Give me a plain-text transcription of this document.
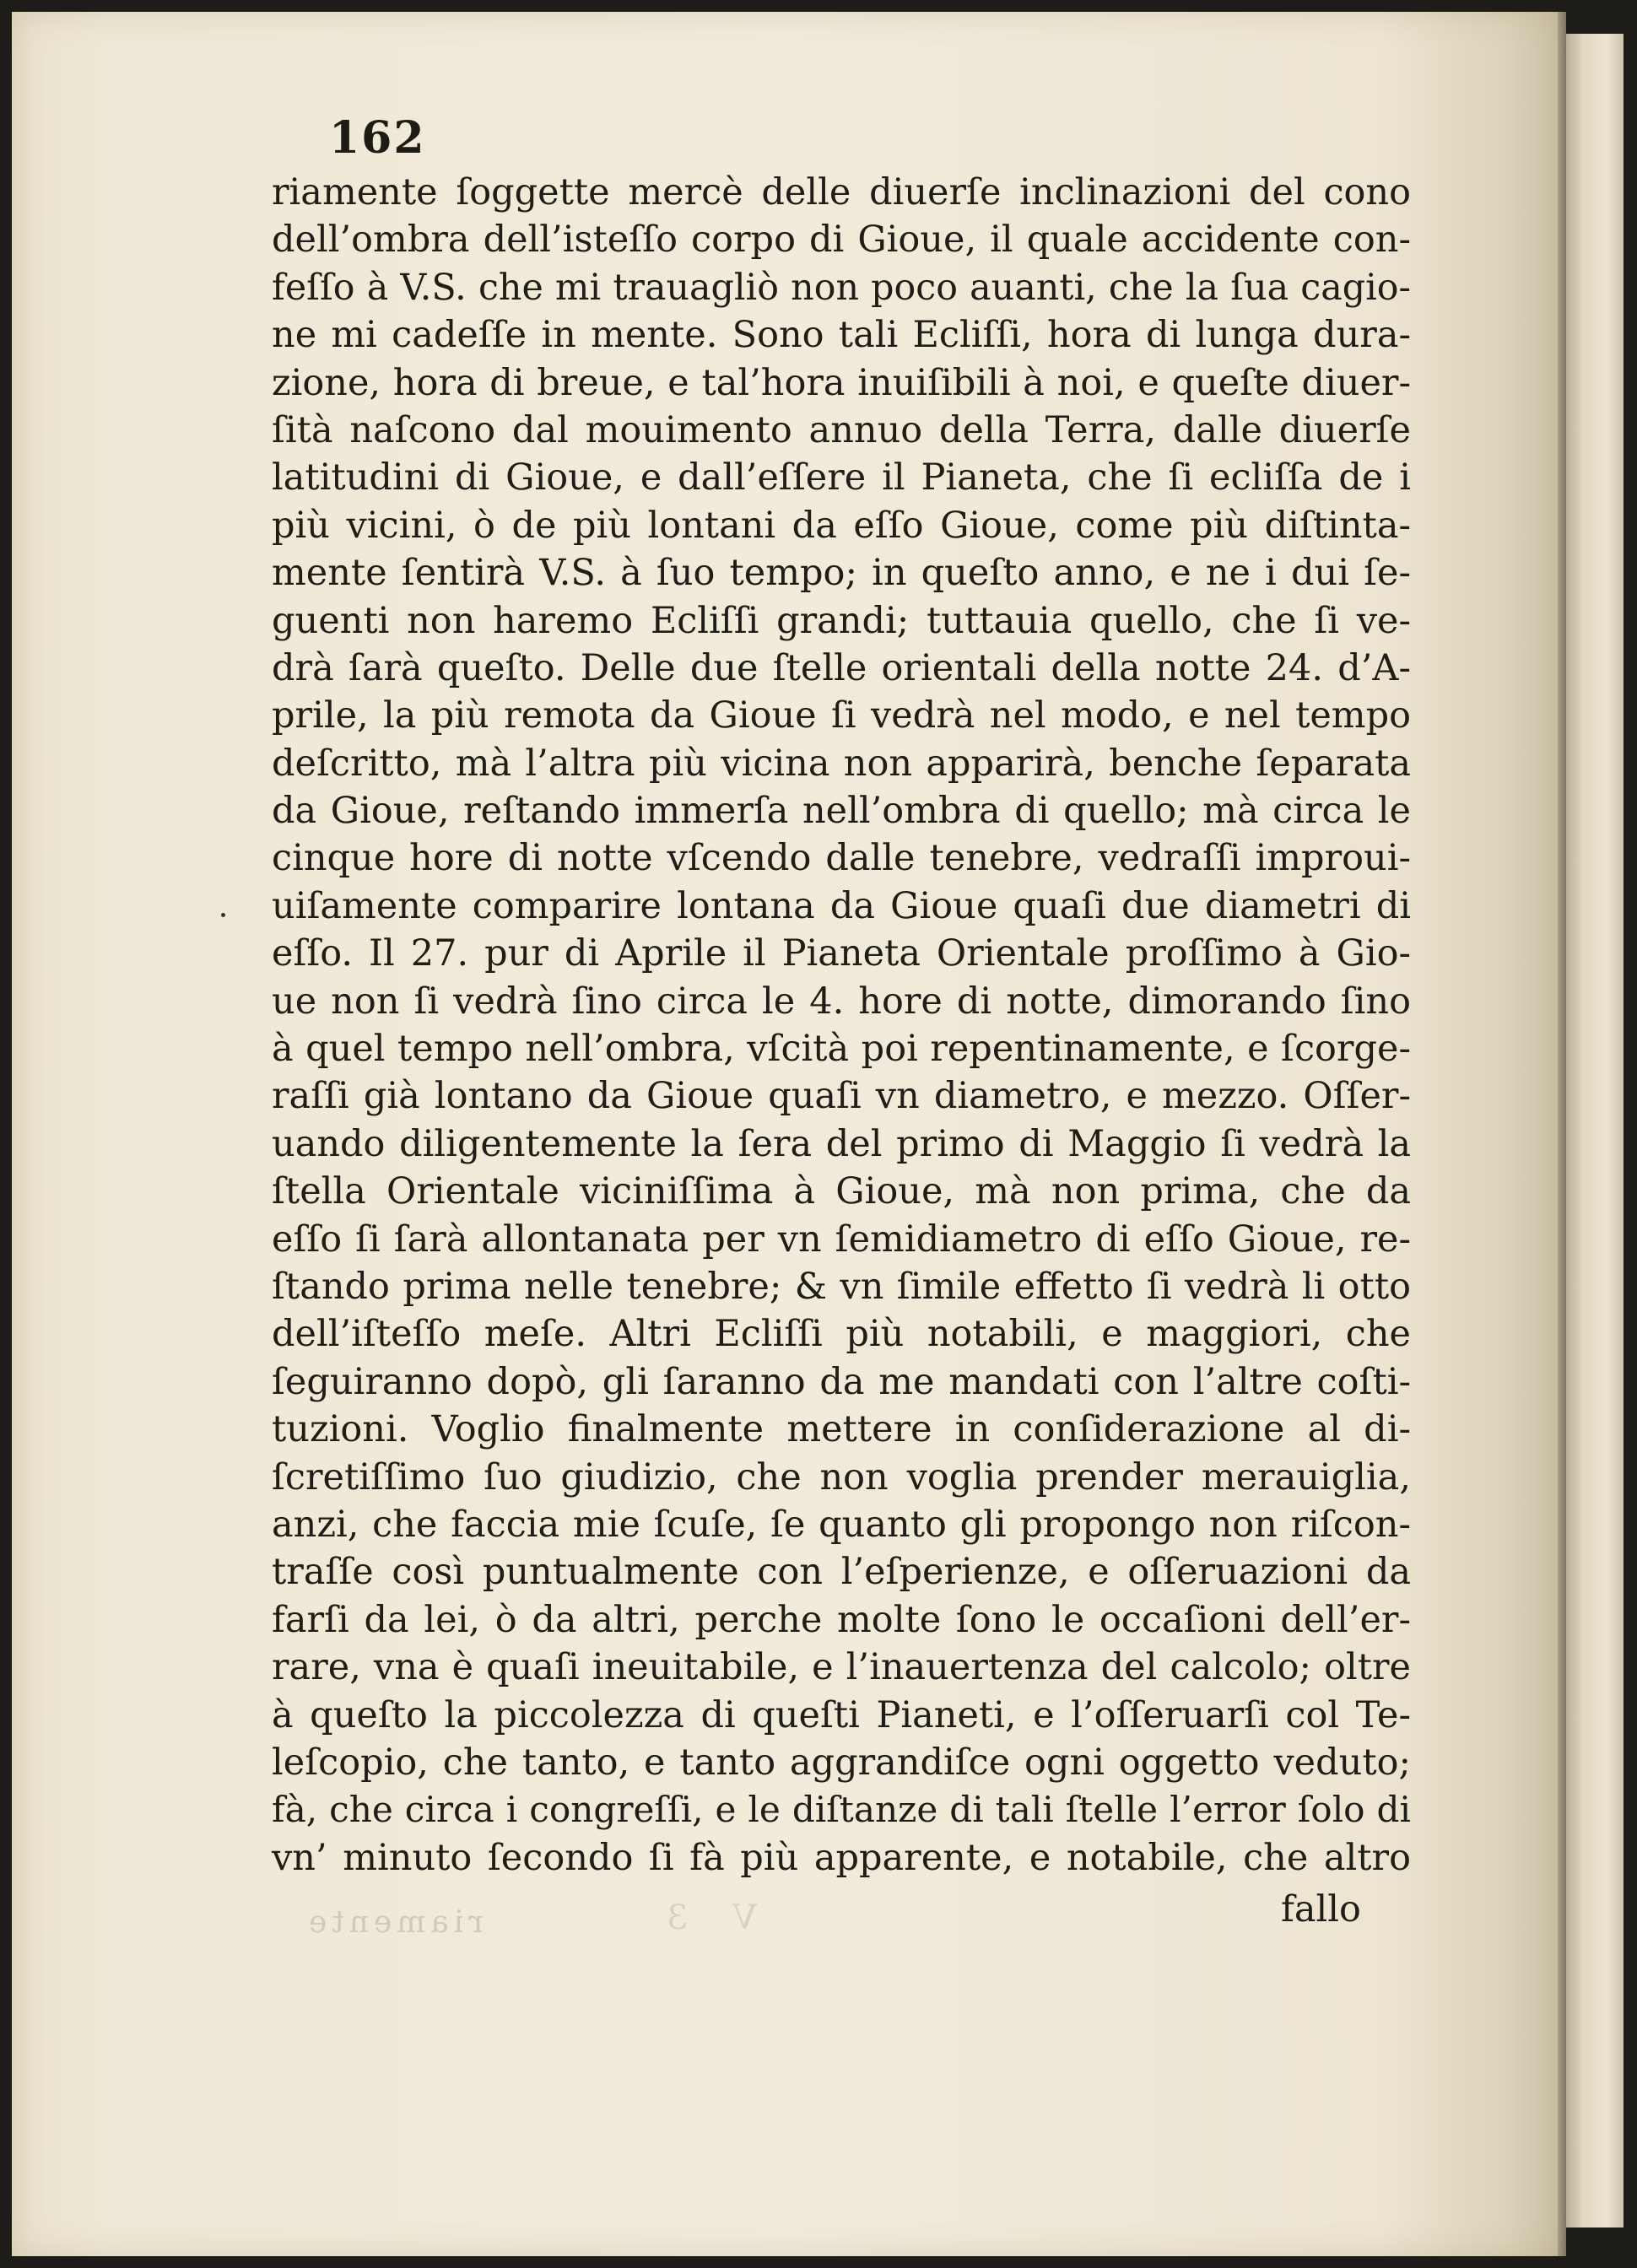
riamente	V 3
162
riamente ſoggette mercè delle diuerſe inclinazioni del cono
dell’ombra dell’isteſſo corpo di Gioue, il quale accidente con-
feſſo à V.S. che mi trauagliò non poco auanti, che la ſua cagio-
ne mi cadeſſe in mente. Sono tali Ecliſſi, hora di lunga dura-
zione, hora di breue, e tal’hora inuiſibili à noi, e queſte diuer-
ſità naſcono dal mouimento annuo della Terra, dalle diuerſe
latitudini di Gioue, e dall’eſſere il Pianeta, che ſi ecliſſa de i
più vicini, ò de più lontani da eſſo Gioue, come più diſtinta-
mente ſentirà V.S. à ſuo tempo; in queſto anno, e ne i dui ſe-
guenti non haremo Ecliſſi grandi; tuttauia quello, che ſi ve-
drà ſarà queſto. Delle due ſtelle orientali della notte 24. d’A-
prile, la più remota da Gioue ſi vedrà nel modo, e nel tempo
deſcritto, mà l’altra più vicina non apparirà, benche ſeparata
da Gioue, reſtando immerſa nell’ombra di quello; mà circa le
cinque hore di notte vſcendo dalle tenebre, vedraſſi improui-
uiſamente comparire lontana da Gioue quaſi due diametri di
eſſo. Il 27. pur di Aprile il Pianeta Orientale proſſimo à Gio-
ue non ſi vedrà ſino circa le 4. hore di notte, dimorando ſino
à quel tempo nell’ombra, vſcità poi repentinamente, e ſcorge-
raſſi già lontano da Gioue quaſi vn diametro, e mezzo. Oſſer-
uando diligentemente la ſera del primo di Maggio ſi vedrà la
ſtella Orientale viciniſſima à Gioue, mà non prima, che da
eſſo ſi ſarà allontanata per vn ſemidiametro di eſſo Gioue, re-
ſtando prima nelle tenebre; & vn ſimile effetto ſi vedrà li otto
dell’iſteſſo meſe. Altri Ecliſſi più notabili, e maggiori, che
ſeguiranno dopò, gli ſaranno da me mandati con l’altre coſti-
tuzioni. Voglio finalmente mettere in conſiderazione al di-
ſcretiſſimo ſuo giudizio, che non voglia prender merauiglia,
anzi, che faccia mie ſcuſe, ſe quanto gli propongo non riſcon-
traſſe così puntualmente con l’eſperienze, e oſſeruazioni da
farſi da lei, ò da altri, perche molte ſono le occaſioni dell’er-
rare, vna è quaſi ineuitabile, e l’inauertenza del calcolo; oltre
à queſto la piccolezza di queſti Pianeti, e l’oſſeruarſi col Te-
leſcopio, che tanto, e tanto aggrandiſce ogni oggetto veduto;
fà, che circa i congreſſi, e le diſtanze di tali ſtelle l’error ſolo di
vn’ minuto ſecondo ſi fà più apparente, e notabile, che altro
fallo
